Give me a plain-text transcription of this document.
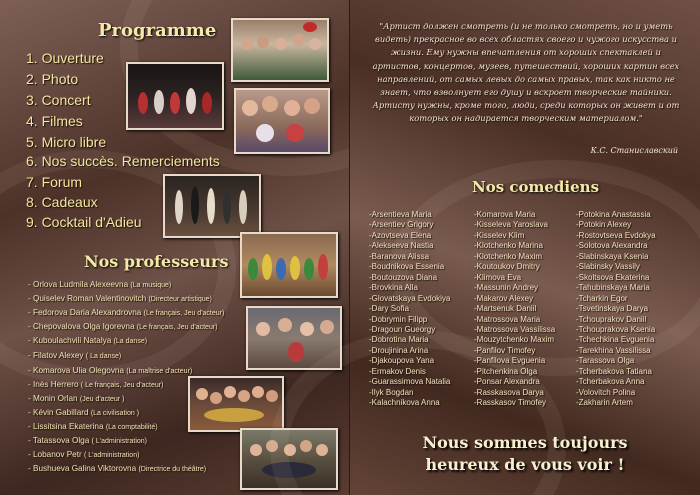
Programme
1. Ouverture
2. Photo
3. Concert
4. Filmes
5. Micro libre
6. Nos succès. Remerciements
7. Forum
8. Cadeaux
9. Cocktail d'Adieu
Nos professeurs
- Orlova Ludmila Alexeevna (La musique)
- Quiselev Roman Valentinovitch (Directeur artistique)
- Fedorova Daria Alexandrovna (Le français, Jeu d'acteur)
- Chepovalova Olga Igorevna (Le français, Jeu d'acteur)
- Kuboulachvili Natalya (La danse)
- Filatov Alexey ( La danse)
- Komarova Ulia Olegovna (La maîtrise d'acteur)
- Inès Herrero ( Le français, Jeu d'acteur)
- Monin Orlan (Jeu d'acteur )
- Kévin Gabillard (La civilisation )
- Lissitsina Ekaterina (La comptabilité)
- Tatassova Olga ( L'administration)
- Lobanov Petr ( L'administration)
- Bushueva Galina Viktorovna (Directrice du théâtre)
"Артист должен смотреть (и не только смотреть, но и уметь видеть) прекрасное во всех областях своего и чужого искусства и жизни. Ему нужны впечатления от хороших спектаклей и артистов, концертов, музеев, путешествий, хороших картин всех направлений, от самых левых до самых правых, так как никто не знает, что взволнует его душу и вскроет творческие тайники. Артисту нужны, кроме того, люди, среди которых он живет и от которых он надирается творческим материалом."
К.С. Станиславский
Nos comediens
-Arsentieva Maria
-Arsentiev Grigory
-Azovtseva Elena
-Alekseeva Nastia
-Baranova Alissa
-Boudnikova Essenia
-Boutouzova Diana
-Brovkina Alla
-Glovatskaya Evdokiya
-Dary Sofia
-Dobrymin Filipp
-Dragoun Gueorgy
-Dobrotina Maria
-Droujinina Arina
-Djakoupova Yana
-Ermakov Denis
-Guarassimova Natalia
-Ilyk Bogdan
-Kalachnikova Anna
-Komarova Maria
-Kisseleva Yaroslava
-Kisselev Klim
-Klotchenko Marina
-Klotchenko Maxim
-Koutoukov Dmitry
-Klimova Eva
-Massunin Andrey
-Makarov Alexey
-Martsenuk Daniil
-Matrossova Maria
-Matrossova Vassilissa
-Mouzytchenko Maxim
-Panfilov Timofey
-Panfilova Evguenia
-Pitchenkina Olga
-Ponsar Alexandra
-Rasskasova Darya
-Rasskasov Timofey
-Potokina Anastassia
-Potokin Alexey
-Rostovtseva Evdokya
-Solotova Alexandra
-Slabinskaya Ksenia
-Slabinsky Vassily
-Skoltsova Ekaterina
-Tahubinskaya Maria
-Tcharkin Egor
-Tsvetinskaya Darya
-Tchouprakov Daniil
-Tchouprakova Ksenia
-Tchechkina Evguenia
-Tarekhina Vassilissa
-Tarassova Olga
-Tcherbakova Tatiana
-Tcherbakova Anna
-Volovitch Polina
-Zakharin Artem
Nous sommes toujours
heureux de vous voir !
